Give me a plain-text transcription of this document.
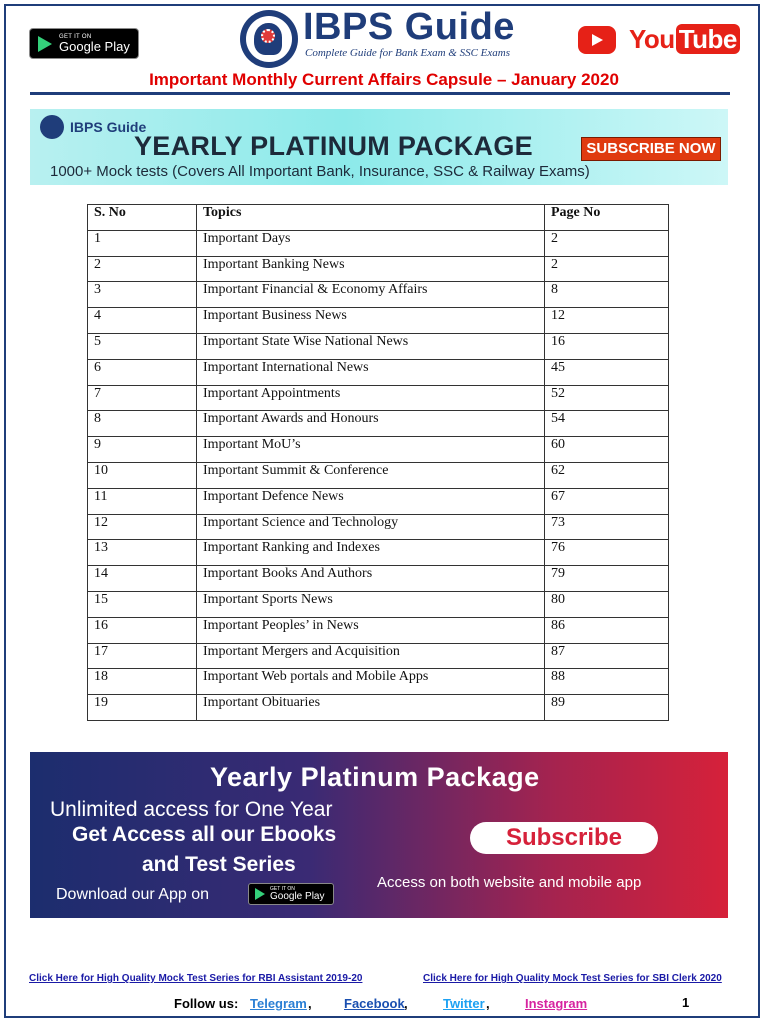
GET IT ON
Google Play	IBPS Guide
Complete Guide for Bank Exam & SSC Exams	You Tube
Important Monthly Current Affairs Capsule – January 2020
IBPS Guide
YEARLY PLATINUM PACKAGE
1000+ Mock tests (Covers All Important Bank, Insurance, SSC & Railway Exams)
SUBSCRIBE NOW
S. No	Topics	Page No
1	Important Days	2
2	Important Banking News	2
3	Important Financial & Economy Affairs	8
4	Important Business News	12
5	Important State Wise National News	16
6	Important International News	45
7	Important Appointments	52
8	Important Awards and Honours	54
9	Important MoU’s	60
10	Important Summit & Conference	62
11	Important Defence News	67
12	Important Science and Technology	73
13	Important Ranking and Indexes	76
14	Important Books And Authors	79
15	Important Sports News	80
16	Important Peoples’ in News	86
17	Important Mergers and Acquisition	87
18	Important Web portals and Mobile Apps	88
19	Important Obituaries	89
Yearly Platinum Package
Unlimited access for One Year
Get Access all our Ebooks
and Test Series
Download our App on	GET IT ON
Google Play
Subscribe
Access on both website and mobile app
Click Here for High Quality Mock Test Series for RBI Assistant 2019-20	Click Here for High Quality Mock Test Series for SBI Clerk 2020
Follow us: Telegram , Facebook ,	Twitter ,	Instagram	1
